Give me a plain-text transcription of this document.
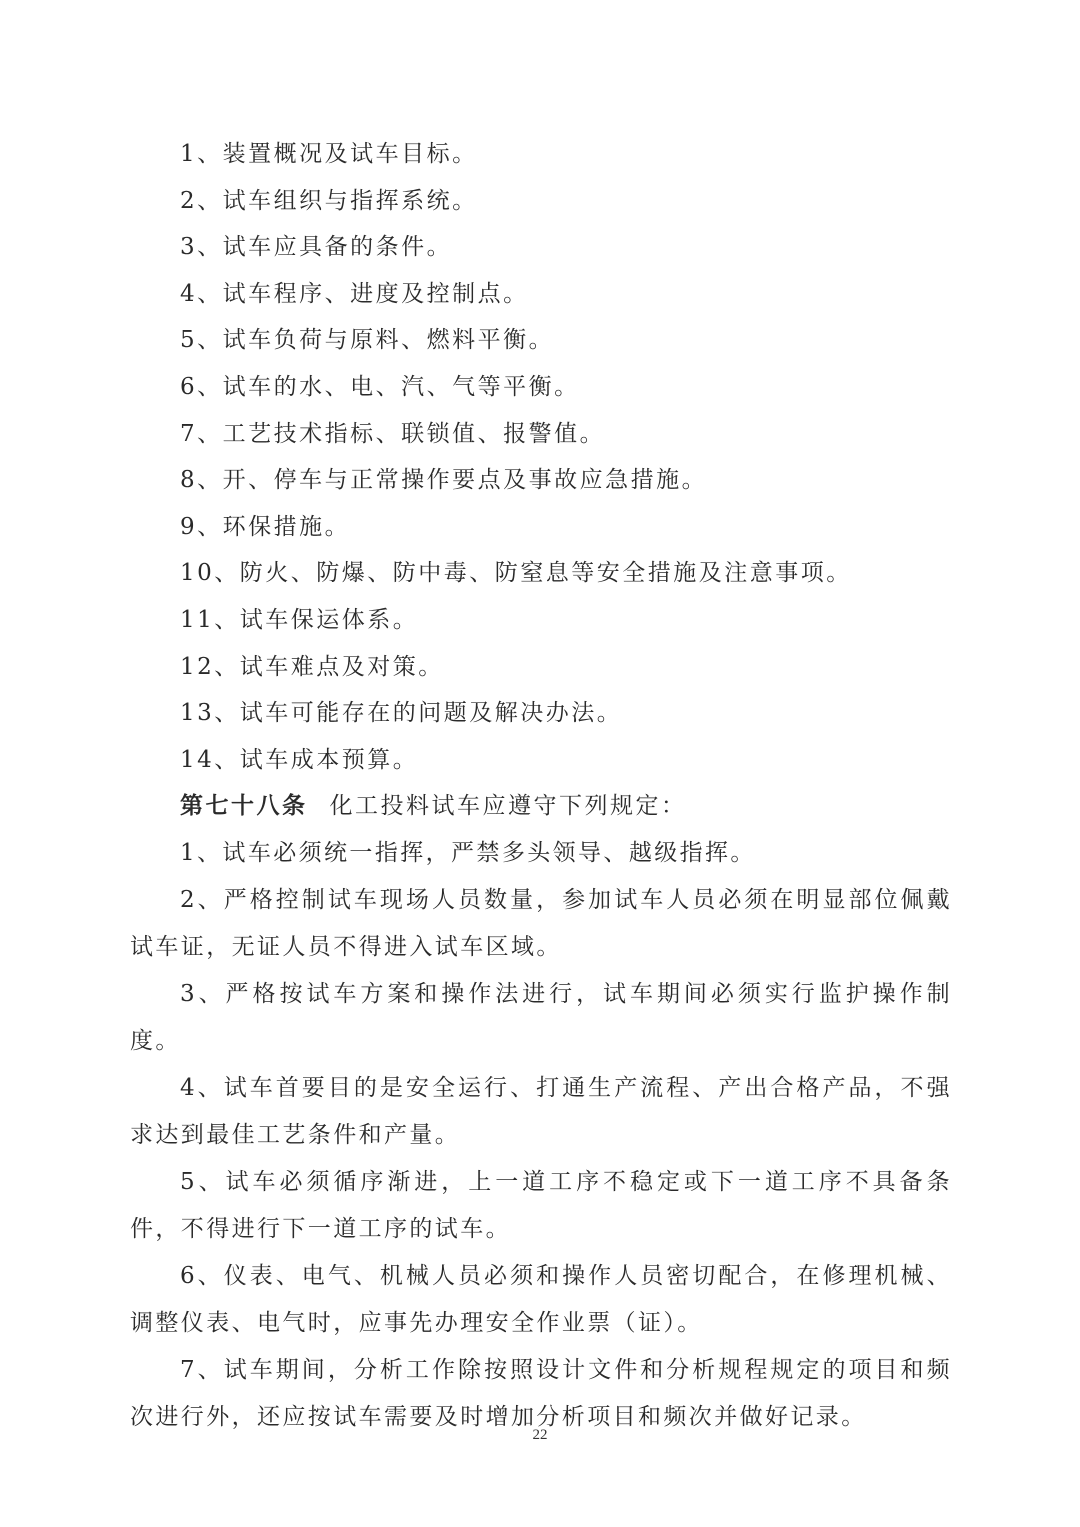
1、装置概况及试车目标。
2、试车组织与指挥系统。
3、试车应具备的条件。
4、试车程序、进度及控制点。
5、试车负荷与原料、燃料平衡。
6、试车的水、电、汽、气等平衡。
7、工艺技术指标、联锁值、报警值。
8、开、停车与正常操作要点及事故应急措施。
9、环保措施。
10、防火、防爆、防中毒、防窒息等安全措施及注意事项。
11、试车保运体系。
12、试车难点及对策。
13、试车可能存在的问题及解决办法。
14、试车成本预算。
第七十八条 化工投料试车应遵守下列规定：

1、试车必须统一指挥，严禁多头领导、越级指挥。

2、严格控制试车现场人员数量，参加试车人员必须在明显部位佩戴试车证，无证人员不得进入试车区域。

3、严格按试车方案和操作法进行，试车期间必须实行监护操作制度。

4、试车首要目的是安全运行、打通生产流程、产出合格产品，不强求达到最佳工艺条件和产量。

5、试车必须循序渐进，上一道工序不稳定或下一道工序不具备条件，不得进行下一道工序的试车。

6、仪表、电气、机械人员必须和操作人员密切配合，在修理机械、调整仪表、电气时，应事先办理安全作业票（证）。

7、试车期间，分析工作除按照设计文件和分析规程规定的项目和频次进行外，还应按试车需要及时增加分析项目和频次并做好记录。

22
